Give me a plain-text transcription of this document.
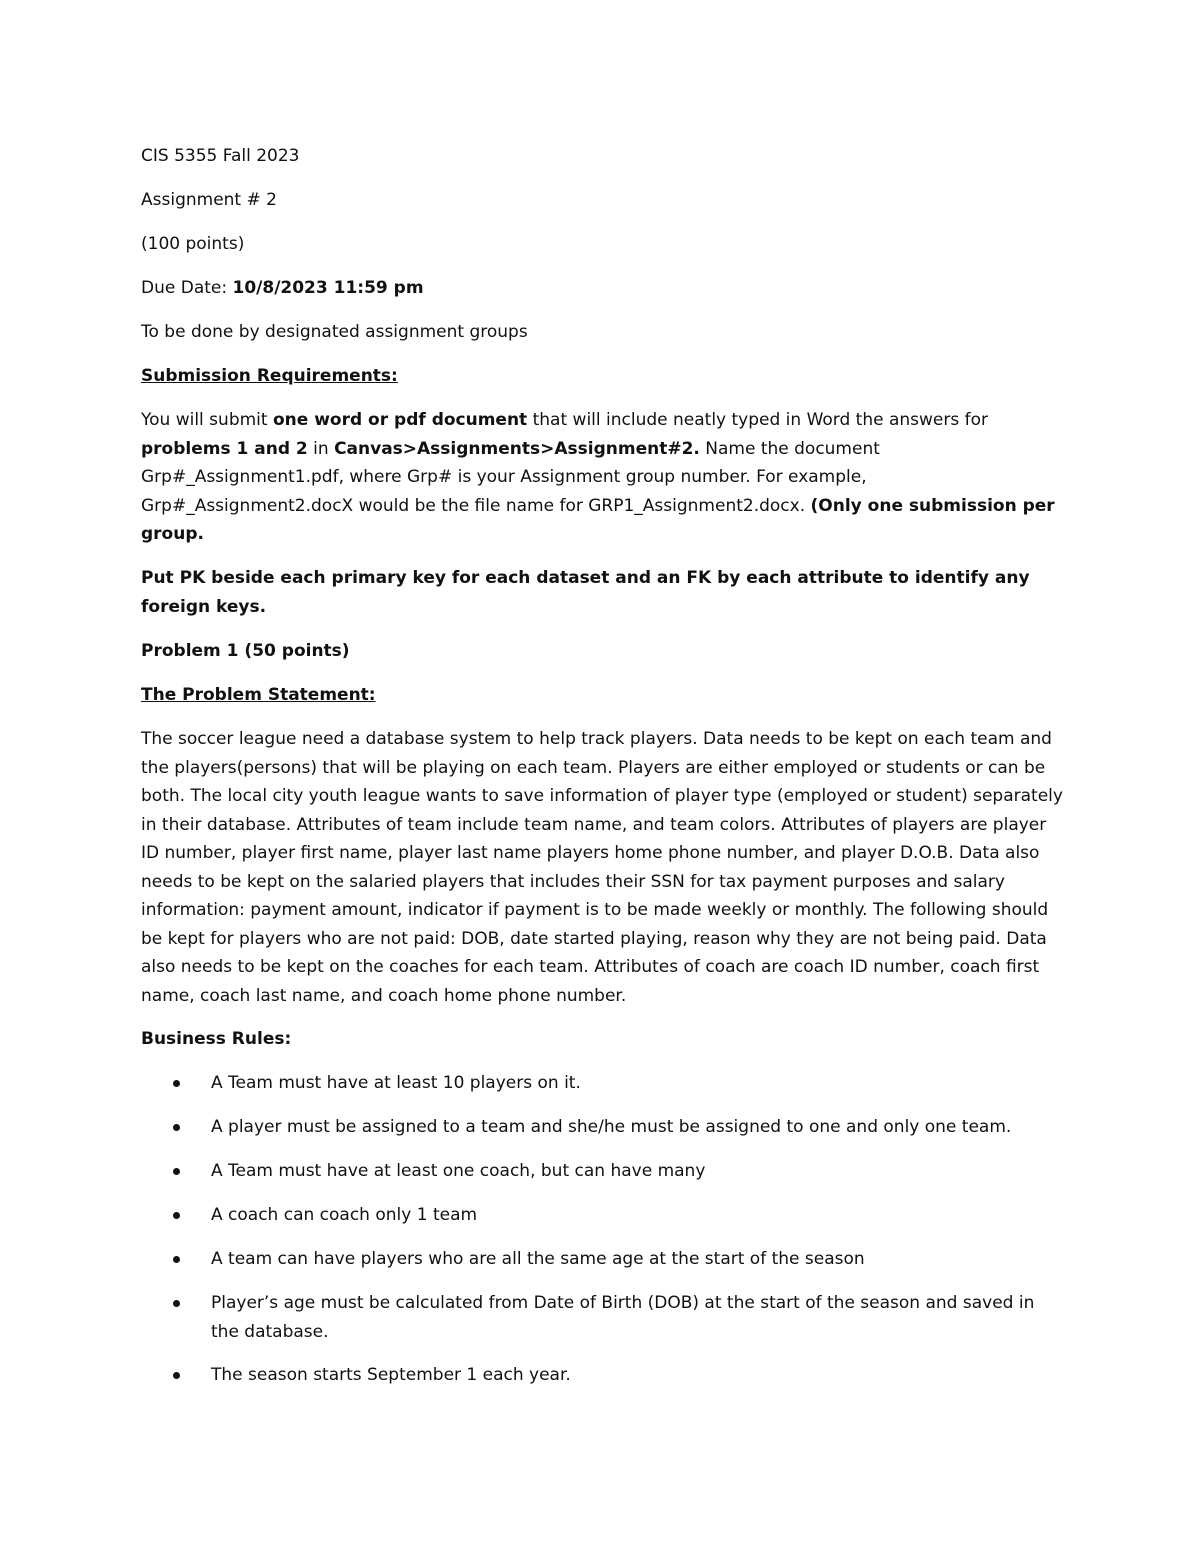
CIS 5355 Fall 2023
Assignment # 2
(100 points)
Due Date: 10/8/2023 11:59 pm
To be done by designated assignment groups
Submission Requirements:
You will submit one word or pdf document that will include neatly typed in Word the answers for problems 1 and 2 in Canvas>Assignments>Assignment#2. Name the document Grp#_Assignment1.pdf, where Grp# is your Assignment group number. For example, Grp#_Assignment2.docX would be the file name for GRP1_Assignment2.docx. (Only one submission per group.
Put PK beside each primary key for each dataset and an FK by each attribute to identify any foreign keys.
Problem 1 (50 points)
The Problem Statement:
The soccer league need a database system to help track players. Data needs to be kept on each team and the players(persons) that will be playing on each team. Players are either employed or students or can be both. The local city youth league wants to save information of player type (employed or student) separately in their database. Attributes of team include team name, and team colors. Attributes of players are player ID number, player first name, player last name players home phone number, and player D.O.B. Data also needs to be kept on the salaried players that includes their SSN for tax payment purposes and salary information: payment amount, indicator if payment is to be made weekly or monthly. The following should be kept for players who are not paid: DOB, date started playing, reason why they are not being paid. Data also needs to be kept on the coaches for each team. Attributes of coach are coach ID number, coach first name, coach last name, and coach home phone number.
Business Rules:
A Team must have at least 10 players on it.
A player must be assigned to a team and she/he must be assigned to one and only one team.
A Team must have at least one coach, but can have many
A coach can coach only 1 team
A team can have players who are all the same age at the start of the season
Player’s age must be calculated from Date of Birth (DOB) at the start of the season and saved in the database.
The season starts September 1 each year.
